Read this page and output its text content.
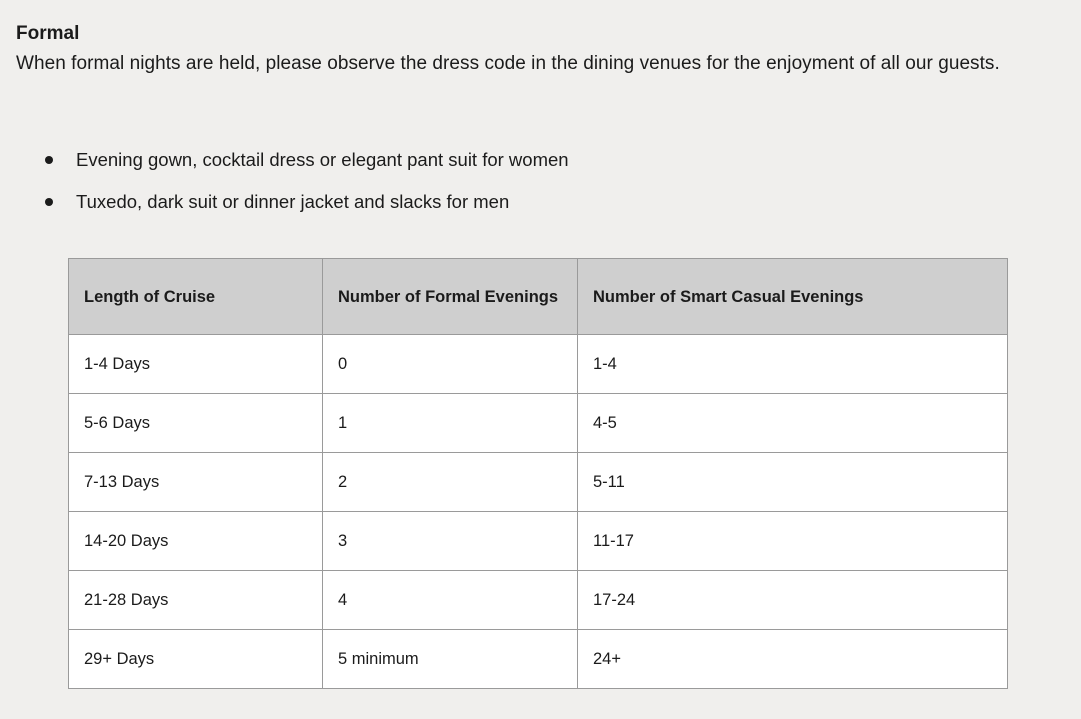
Formal
When formal nights are held, please observe the dress code in the dining venues for the enjoyment of all our guests.
Evening gown, cocktail dress or elegant pant suit for women
Tuxedo, dark suit or dinner jacket and slacks for men
Length of Cruise	Number of Formal Evenings	Number of Smart Casual Evenings
1-4 Days	0	1-4
5-6 Days	1	4-5
7-13 Days	2	5-11
14-20 Days	3	11-17
21-28 Days	4	17-24
29+ Days	5 minimum	24+
